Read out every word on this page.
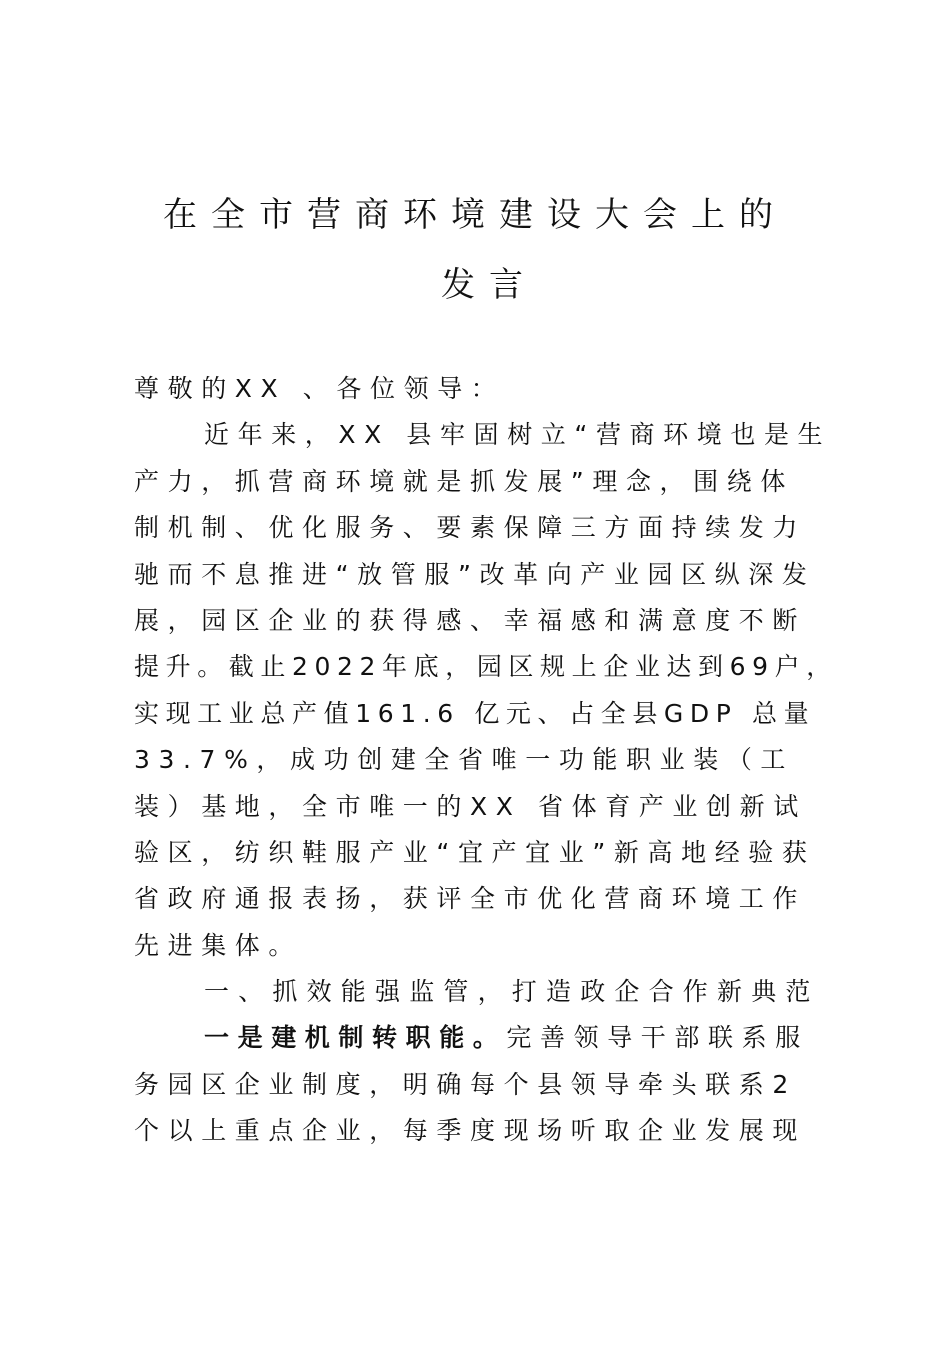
在全市营商环境建设大会上的
发言
尊敬的XX 、各位领导：
近年来，XX 县牢固树立“营商环境也是生
产力，抓营商环境就是抓发展”理念，围绕体
制机制、优化服务、要素保障三方面持续发力
驰而不息推进“放管服”改革向产业园区纵深发
展，园区企业的获得感、幸福感和满意度不断
提升。截止2022年底，园区规上企业达到69户，
实现工业总产值161.6 亿元、占全县GDP 总量
33.7%，成功创建全省唯一功能职业装（工
装）基地，全市唯一的XX 省体育产业创新试
验区，纺织鞋服产业“宜产宜业”新高地经验获
省政府通报表扬，获评全市优化营商环境工作
先进集体。
一、抓效能强监管，打造政企合作新典范
一是建机制转职能。完善领导干部联系服
务园区企业制度，明确每个县领导牵头联系2
个以上重点企业，每季度现场听取企业发展现
